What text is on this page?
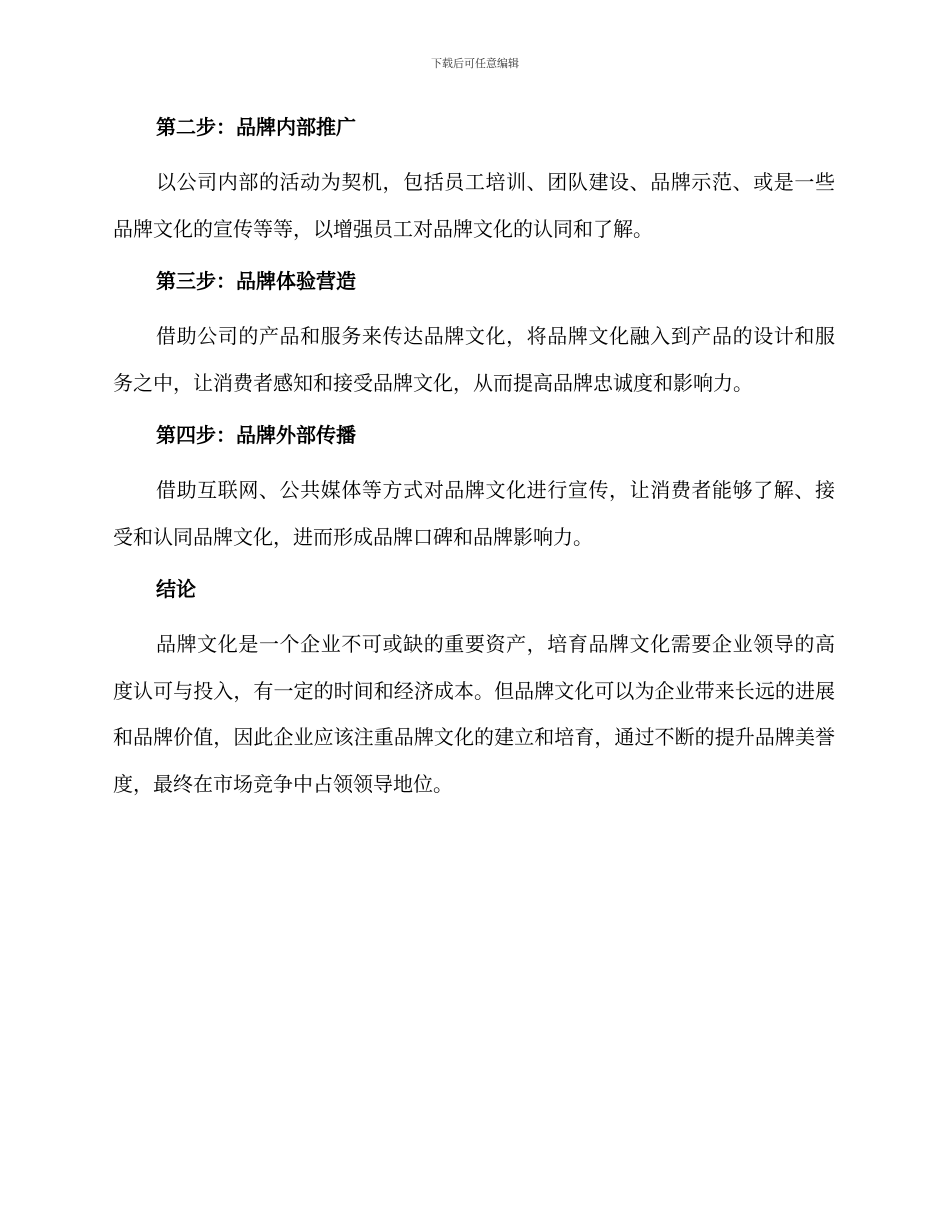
下载后可任意编辑
第二步：品牌内部推广

以公司内部的活动为契机，包括员工培训、团队建设、品牌示范、或是一些品牌文化的宣传等等，以增强员工对品牌文化的认同和了解。

第三步：品牌体验营造

借助公司的产品和服务来传达品牌文化，将品牌文化融入到产品的设计和服务之中，让消费者感知和接受品牌文化，从而提高品牌忠诚度和影响力。

第四步：品牌外部传播

借助互联网、公共媒体等方式对品牌文化进行宣传，让消费者能够了解、接受和认同品牌文化，进而形成品牌口碑和品牌影响力。

结论

品牌文化是一个企业不可或缺的重要资产，培育品牌文化需要企业领导的高度认可与投入，有一定的时间和经济成本。但品牌文化可以为企业带来长远的进展和品牌价值，因此企业应该注重品牌文化的建立和培育，通过不断的提升品牌美誉度，最终在市场竞争中占领领导地位。
